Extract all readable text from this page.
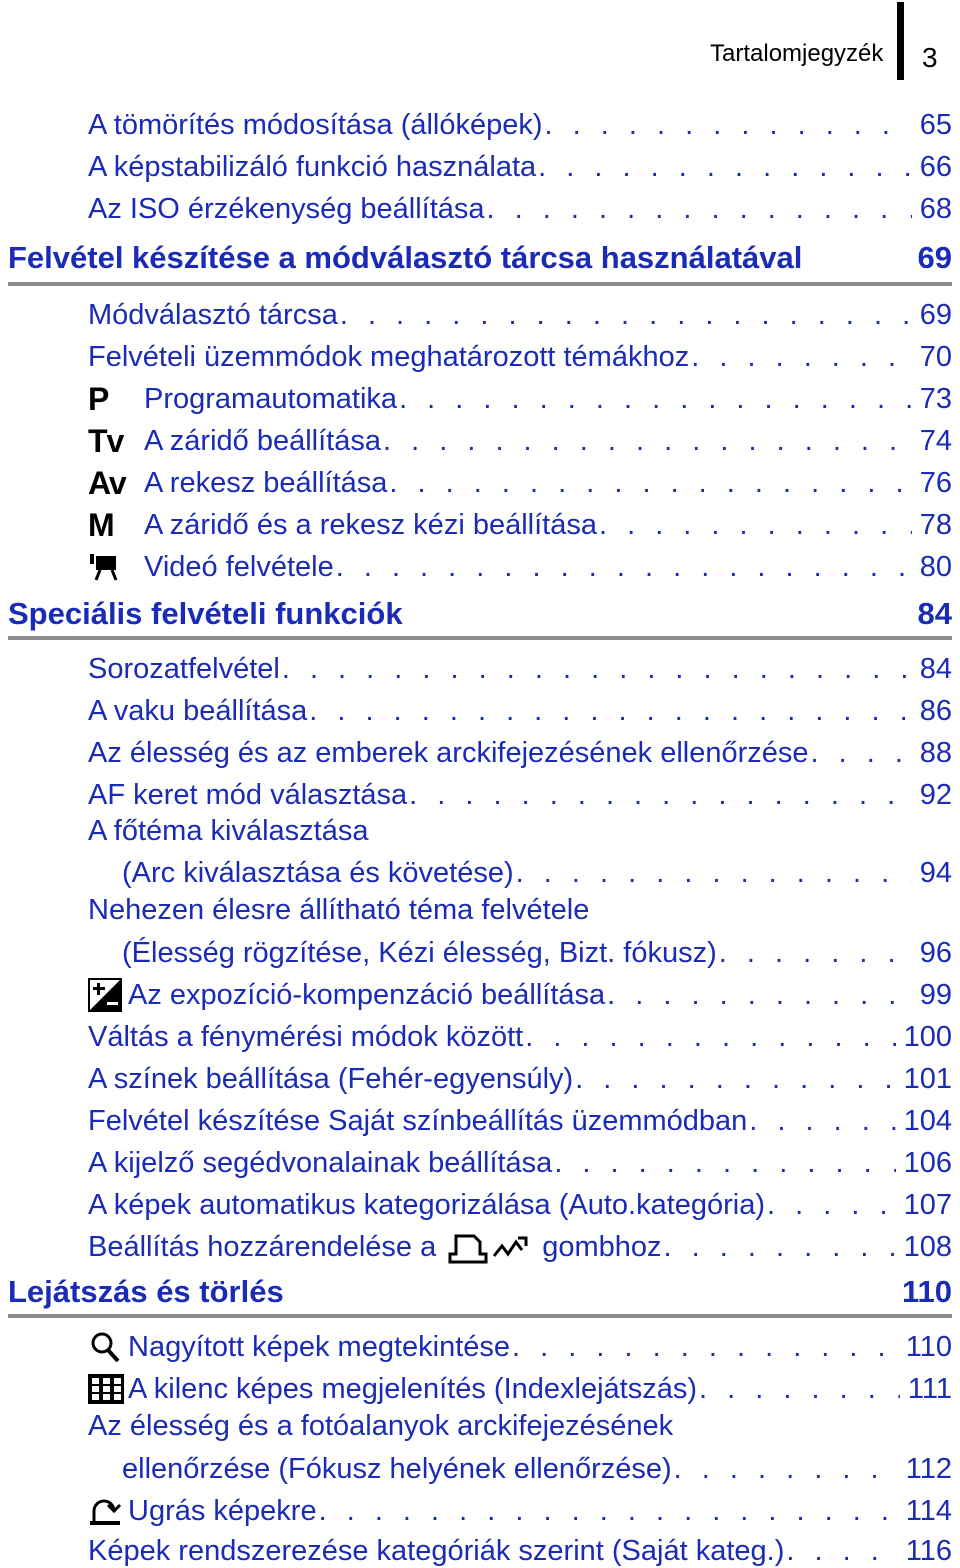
Tartalomjegyzék 3
A tömörítés módosítása (állóképek) . . .	65
A képstabilizáló funkció használata . . .	66
Az ISO érzékenység beállítása . . .	68
Felvétel készítése a módválasztó tárcsa használatával	69
Módválasztó tárcsa . . .	69
Felvételi üzemmódok meghatározott témákhoz . . .	70
P Programautomatika . . .	73
Tv A záridő beállítása . . .	74
Av A rekesz beállítása . . .	76
M A záridő és a rekesz kézi beállítása . . .	78
Videó felvétele . . .	80
Speciális felvételi funkciók	84
Sorozatfelvétel . . .	84
A vaku beállítása . . .	86
Az élesség és az emberek arckifejezésének ellenőrzése . . .	88
AF keret mód választása . . .	92
A főtéma kiválasztása
(Arc kiválasztása és követése) . . .	94
Nehezen élesre állítható téma felvétele
(Élesség rögzítése, Kézi élesség, Bizt. fókusz) . . .	96
Az expozíció-kompenzáció beállítása . . .	99
Váltás a fénymérési módok között . . .	100
A színek beállítása (Fehér-egyensúly) . . .	101
Felvétel készítése Saját színbeállítás üzemmódban . . .	104
A kijelző segédvonalainak beállítása . . .	106
A képek automatikus kategorizálása (Auto.kategória) . . .	107
Beállítás hozzárendelése a	gombhoz . . .	108
Lejátszás és törlés	110
Nagyított képek megtekintése . . .	110
A kilenc képes megjelenítés (Indexlejátszás) . . .	111
Az élesség és a fotóalanyok arckifejezésének
ellenőrzése (Fókusz helyének ellenőrzése) . . .	112
Ugrás képekre . . .	114
Képek rendszerezése kategóriák szerint (Saját kateg.) . . .	116
